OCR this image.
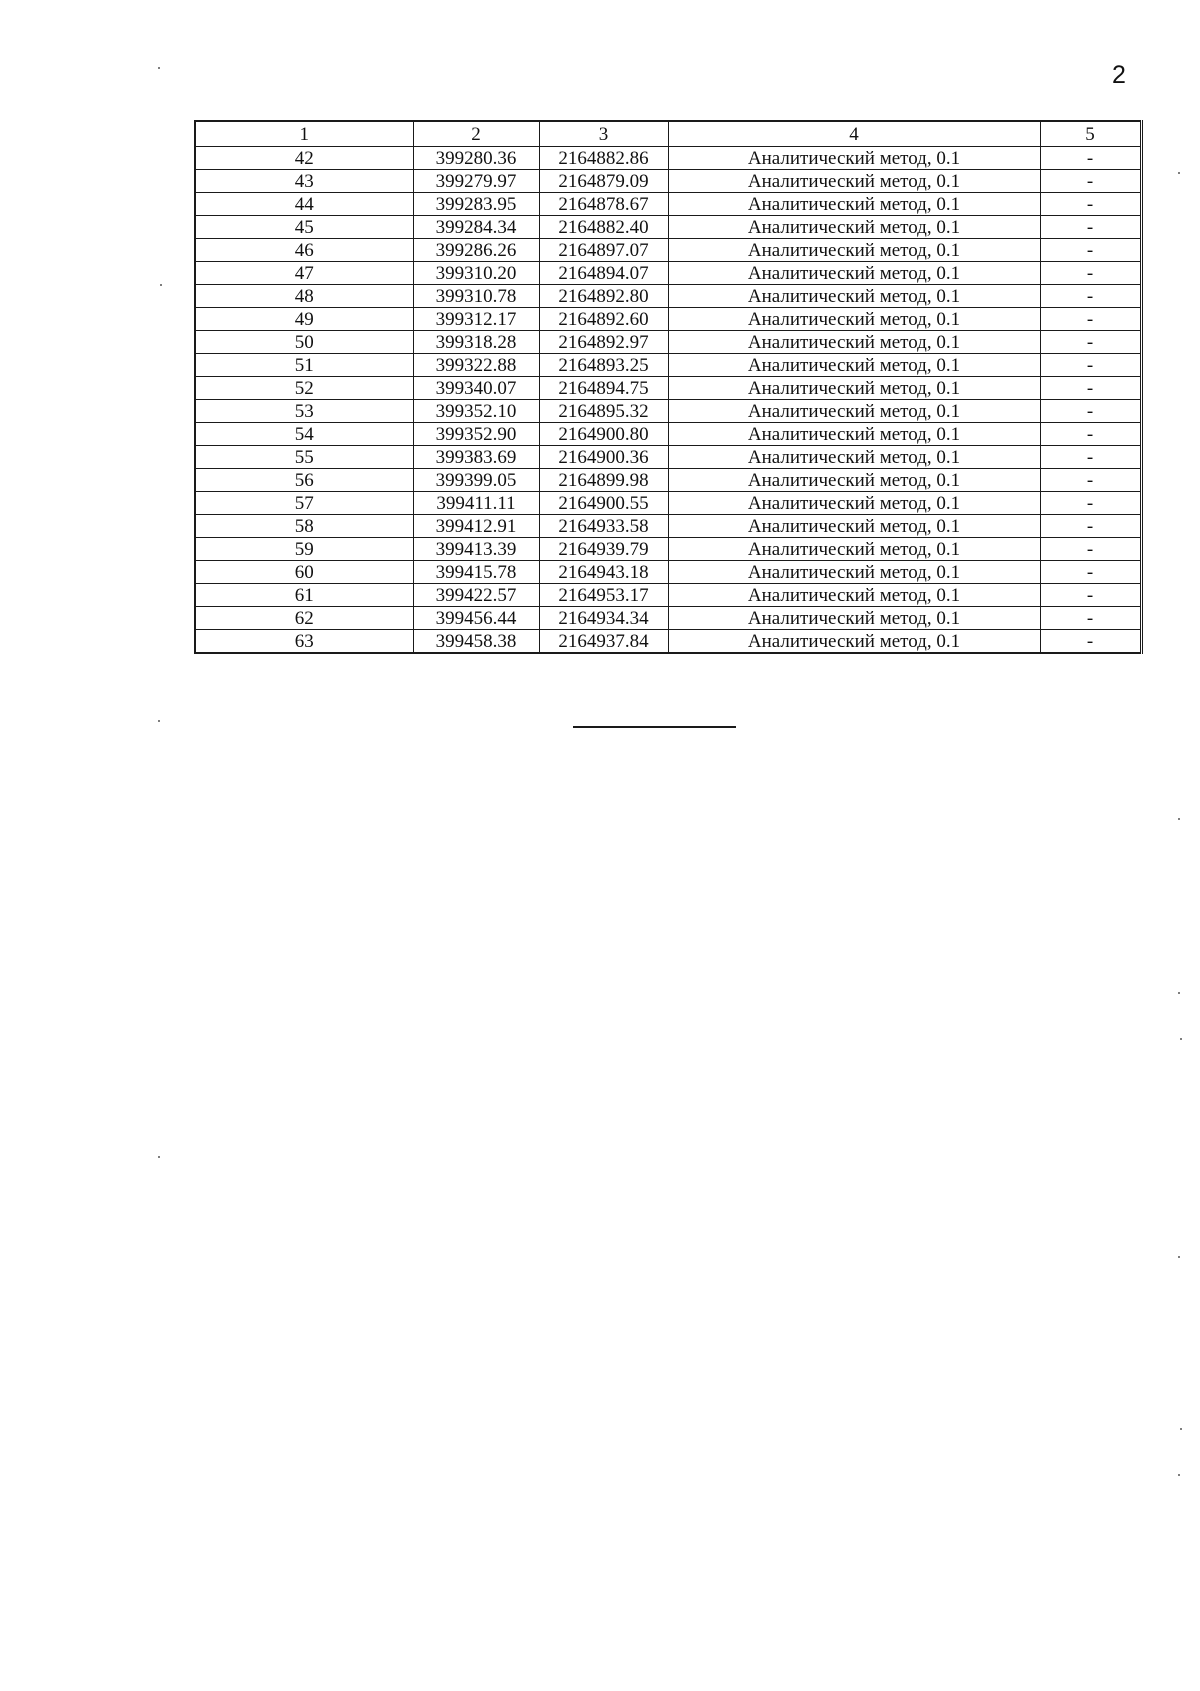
2
1	2	3	4	5
42	399280.36	2164882.86	Аналитический метод, 0.1	-
43	399279.97	2164879.09	Аналитический метод, 0.1	-
44	399283.95	2164878.67	Аналитический метод, 0.1	-
45	399284.34	2164882.40	Аналитический метод, 0.1	-
46	399286.26	2164897.07	Аналитический метод, 0.1	-
47	399310.20	2164894.07	Аналитический метод, 0.1	-
48	399310.78	2164892.80	Аналитический метод, 0.1	-
49	399312.17	2164892.60	Аналитический метод, 0.1	-
50	399318.28	2164892.97	Аналитический метод, 0.1	-
51	399322.88	2164893.25	Аналитический метод, 0.1	-
52	399340.07	2164894.75	Аналитический метод, 0.1	-
53	399352.10	2164895.32	Аналитический метод, 0.1	-
54	399352.90	2164900.80	Аналитический метод, 0.1	-
55	399383.69	2164900.36	Аналитический метод, 0.1	-
56	399399.05	2164899.98	Аналитический метод, 0.1	-
57	399411.11	2164900.55	Аналитический метод, 0.1	-
58	399412.91	2164933.58	Аналитический метод, 0.1	-
59	399413.39	2164939.79	Аналитический метод, 0.1	-
60	399415.78	2164943.18	Аналитический метод, 0.1	-
61	399422.57	2164953.17	Аналитический метод, 0.1	-
62	399456.44	2164934.34	Аналитический метод, 0.1	-
63	399458.38	2164937.84	Аналитический метод, 0.1	-
